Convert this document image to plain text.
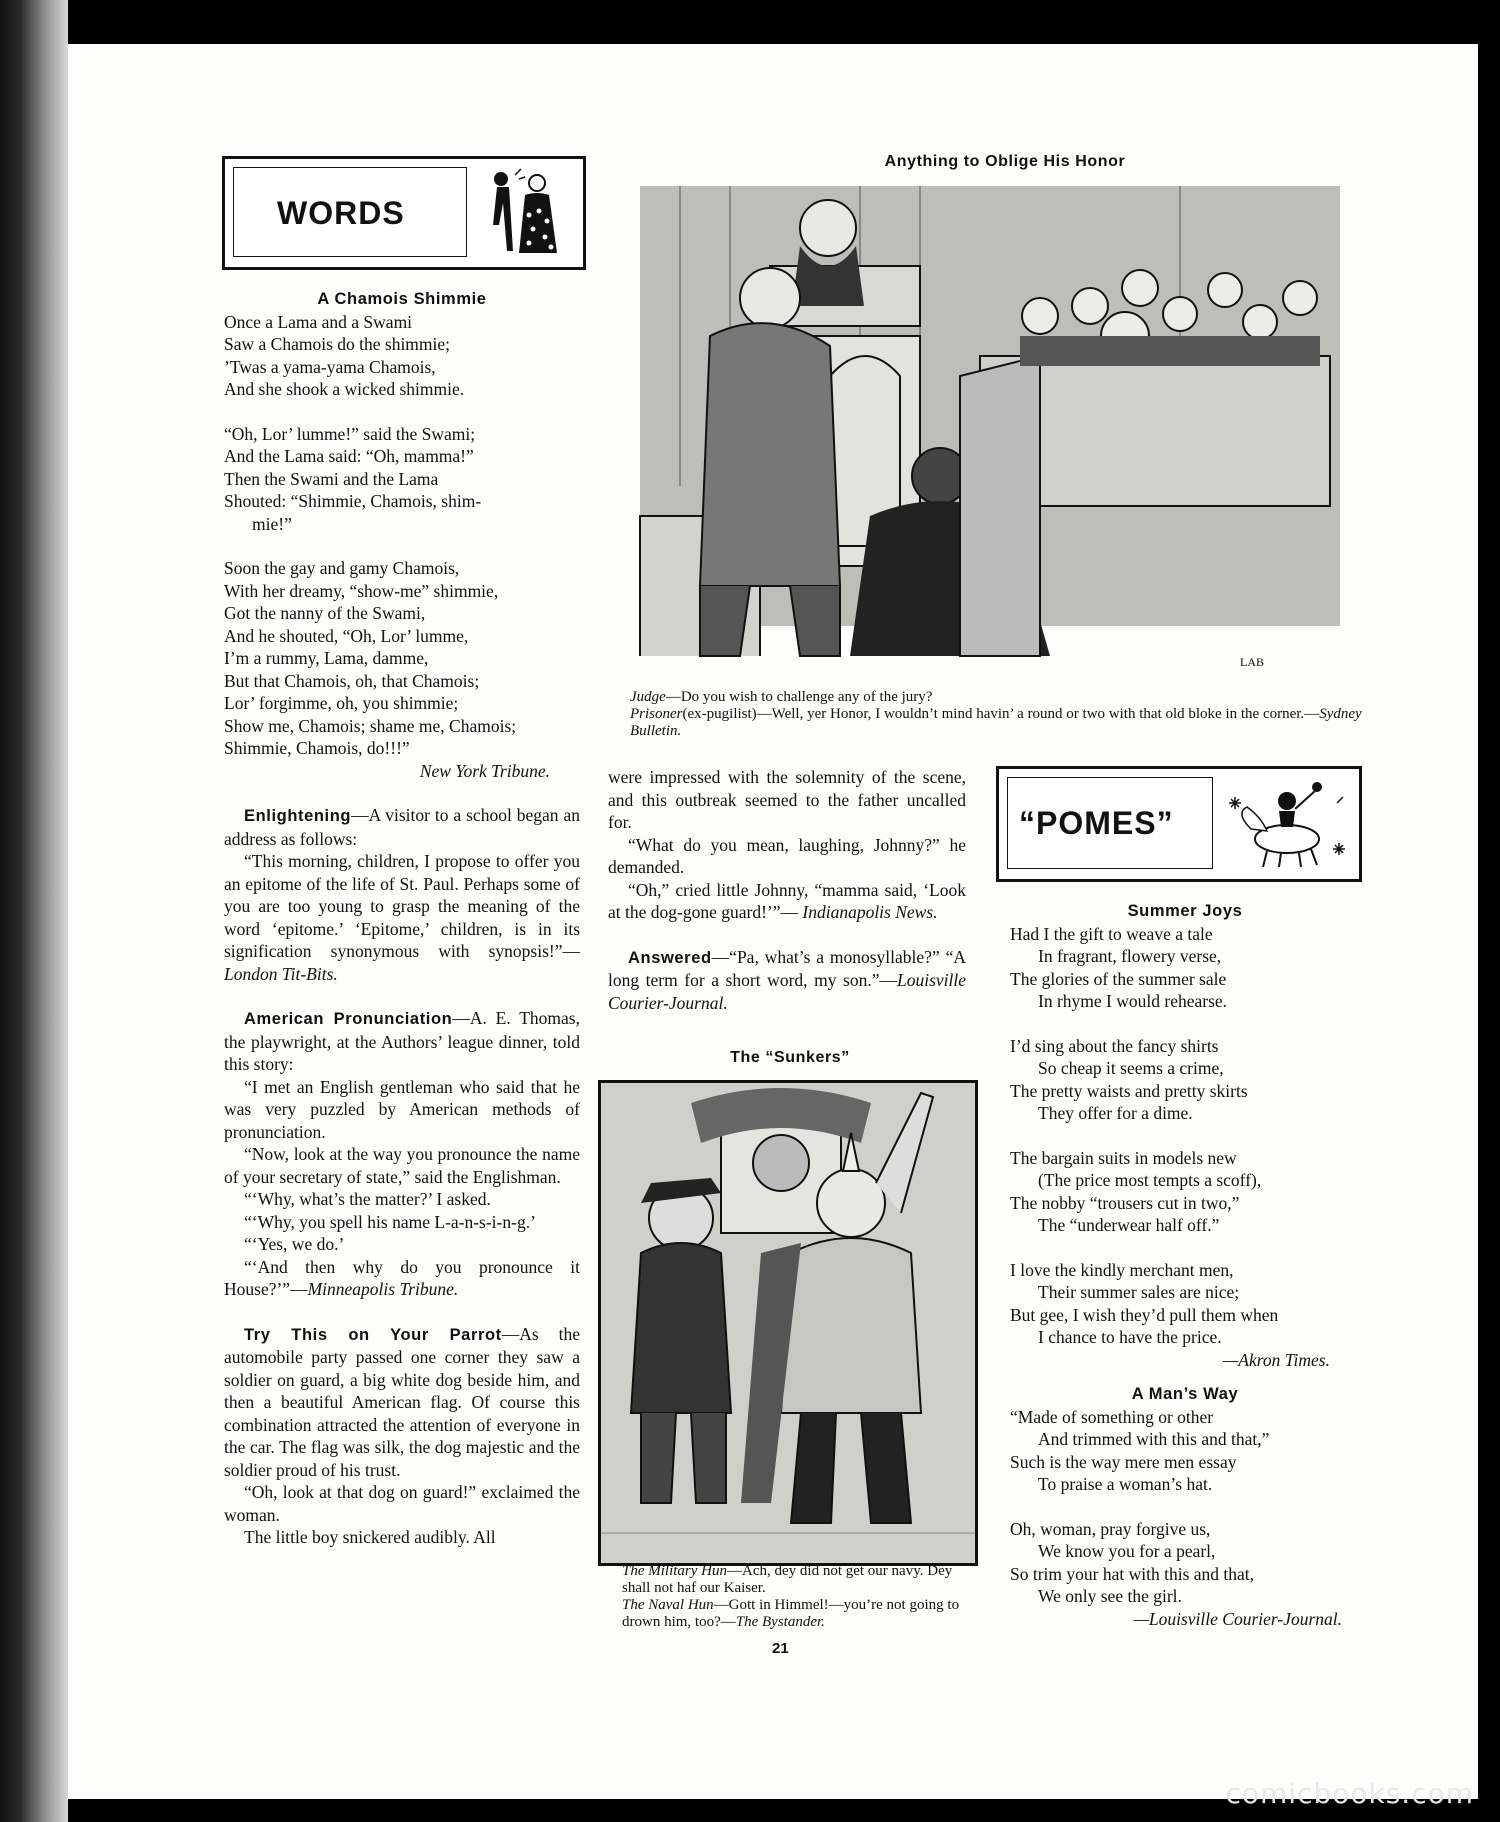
WORDS

A Chamois Shimmie

Once a Lama and a Swami

Saw a Chamois do the shimmie;

’Twas a yama-yama Chamois,

And she shook a wicked shimmie.

“Oh, Lor’ lumme!” said the Swami;

And the Lama said: “Oh, mamma!”

Then the Swami and the Lama

Shouted: “Shimmie, Chamois, shim-

mie!”

Soon the gay and gamy Chamois,

With her dreamy, “show-me” shimmie,

Got the nanny of the Swami,

And he shouted, “Oh, Lor’ lumme,

I’m a rummy, Lama, damme,

But that Chamois, oh, that Chamois;

Lor’ forgimme, oh, you shimmie;

Show me, Chamois; shame me, Chamois;

Shimmie, Chamois, do!!!”

New York Tribune.

Enlightening—A visitor to a school began an address as follows:

“This morning, children, I propose to offer you an epitome of the life of St. Paul. Perhaps some of you are too young to grasp the meaning of the word ‘epitome.’ ‘Epitome,’ children, is in its signification synonymous with synopsis!”— London Tit-Bits.

American Pronunciation—A. E. Thomas, the playwright, at the Authors’ league dinner, told this story:

“I met an English gentleman who said that he was very puzzled by American methods of pronunciation.

“Now, look at the way you pronounce the name of your secretary of state,” said the Englishman.

“‘Why, what’s the matter?’ I asked.

“‘Why, you spell his name L-a-n-s-i-n-g.’

“‘Yes, we do.’

“‘And then why do you pronounce it House?’”—Minneapolis Tribune.

Try This on Your Parrot—As the automobile party passed one corner they saw a soldier on guard, a big white dog beside him, and then a beautiful American flag. Of course this combination attracted the attention of everyone in the car. The flag was silk, the dog majestic and the soldier proud of his trust.

“Oh, look at that dog on guard!” exclaimed the woman.

The little boy snickered audibly. All

Anything to Oblige His Honor
LAB
Judge—Do you wish to challenge any of the jury?
Prisoner(ex-pugilist)—Well, yer Honor, I wouldn’t mind havin’ a round or two with that old bloke in the corner.—Sydney Bulletin.

were impressed with the solemnity of the scene, and this outbreak seemed to the father uncalled for.

“What do you mean, laughing, Johnny?” he demanded.

“Oh,” cried little Johnny, “mamma said, ‘Look at the dog-gone guard!’”— Indianapolis News.

Answered—“Pa, what’s a monosyllable?” “A long term for a short word, my son.”—Louisville Courier-Journal.

The “Sunkers”
The Military Hun—Ach, dey did not get our navy. Dey shall not haf our Kaiser.
The Naval Hun—Gott in Himmel!—you’re not going to drown him, too?—The Bystander.
“POMES”

Summer Joys

Had I the gift to weave a tale

In fragrant, flowery verse,

The glories of the summer sale

In rhyme I would rehearse.

I’d sing about the fancy shirts

So cheap it seems a crime,

The pretty waists and pretty skirts

They offer for a dime.

The bargain suits in models new

(The price most tempts a scoff),

The nobby “trousers cut in two,”

The “underwear half off.”

I love the kindly merchant men,

Their summer sales are nice;

But gee, I wish they’d pull them when

I chance to have the price.

—Akron Times.

A Man’s Way

“Made of something or other

And trimmed with this and that,”

Such is the way mere men essay

To praise a woman’s hat.

Oh, woman, pray forgive us,

We know you for a pearl,

So trim your hat with this and that,

We only see the girl.

—Louisville Courier-Journal.

21
comicbooks.com
